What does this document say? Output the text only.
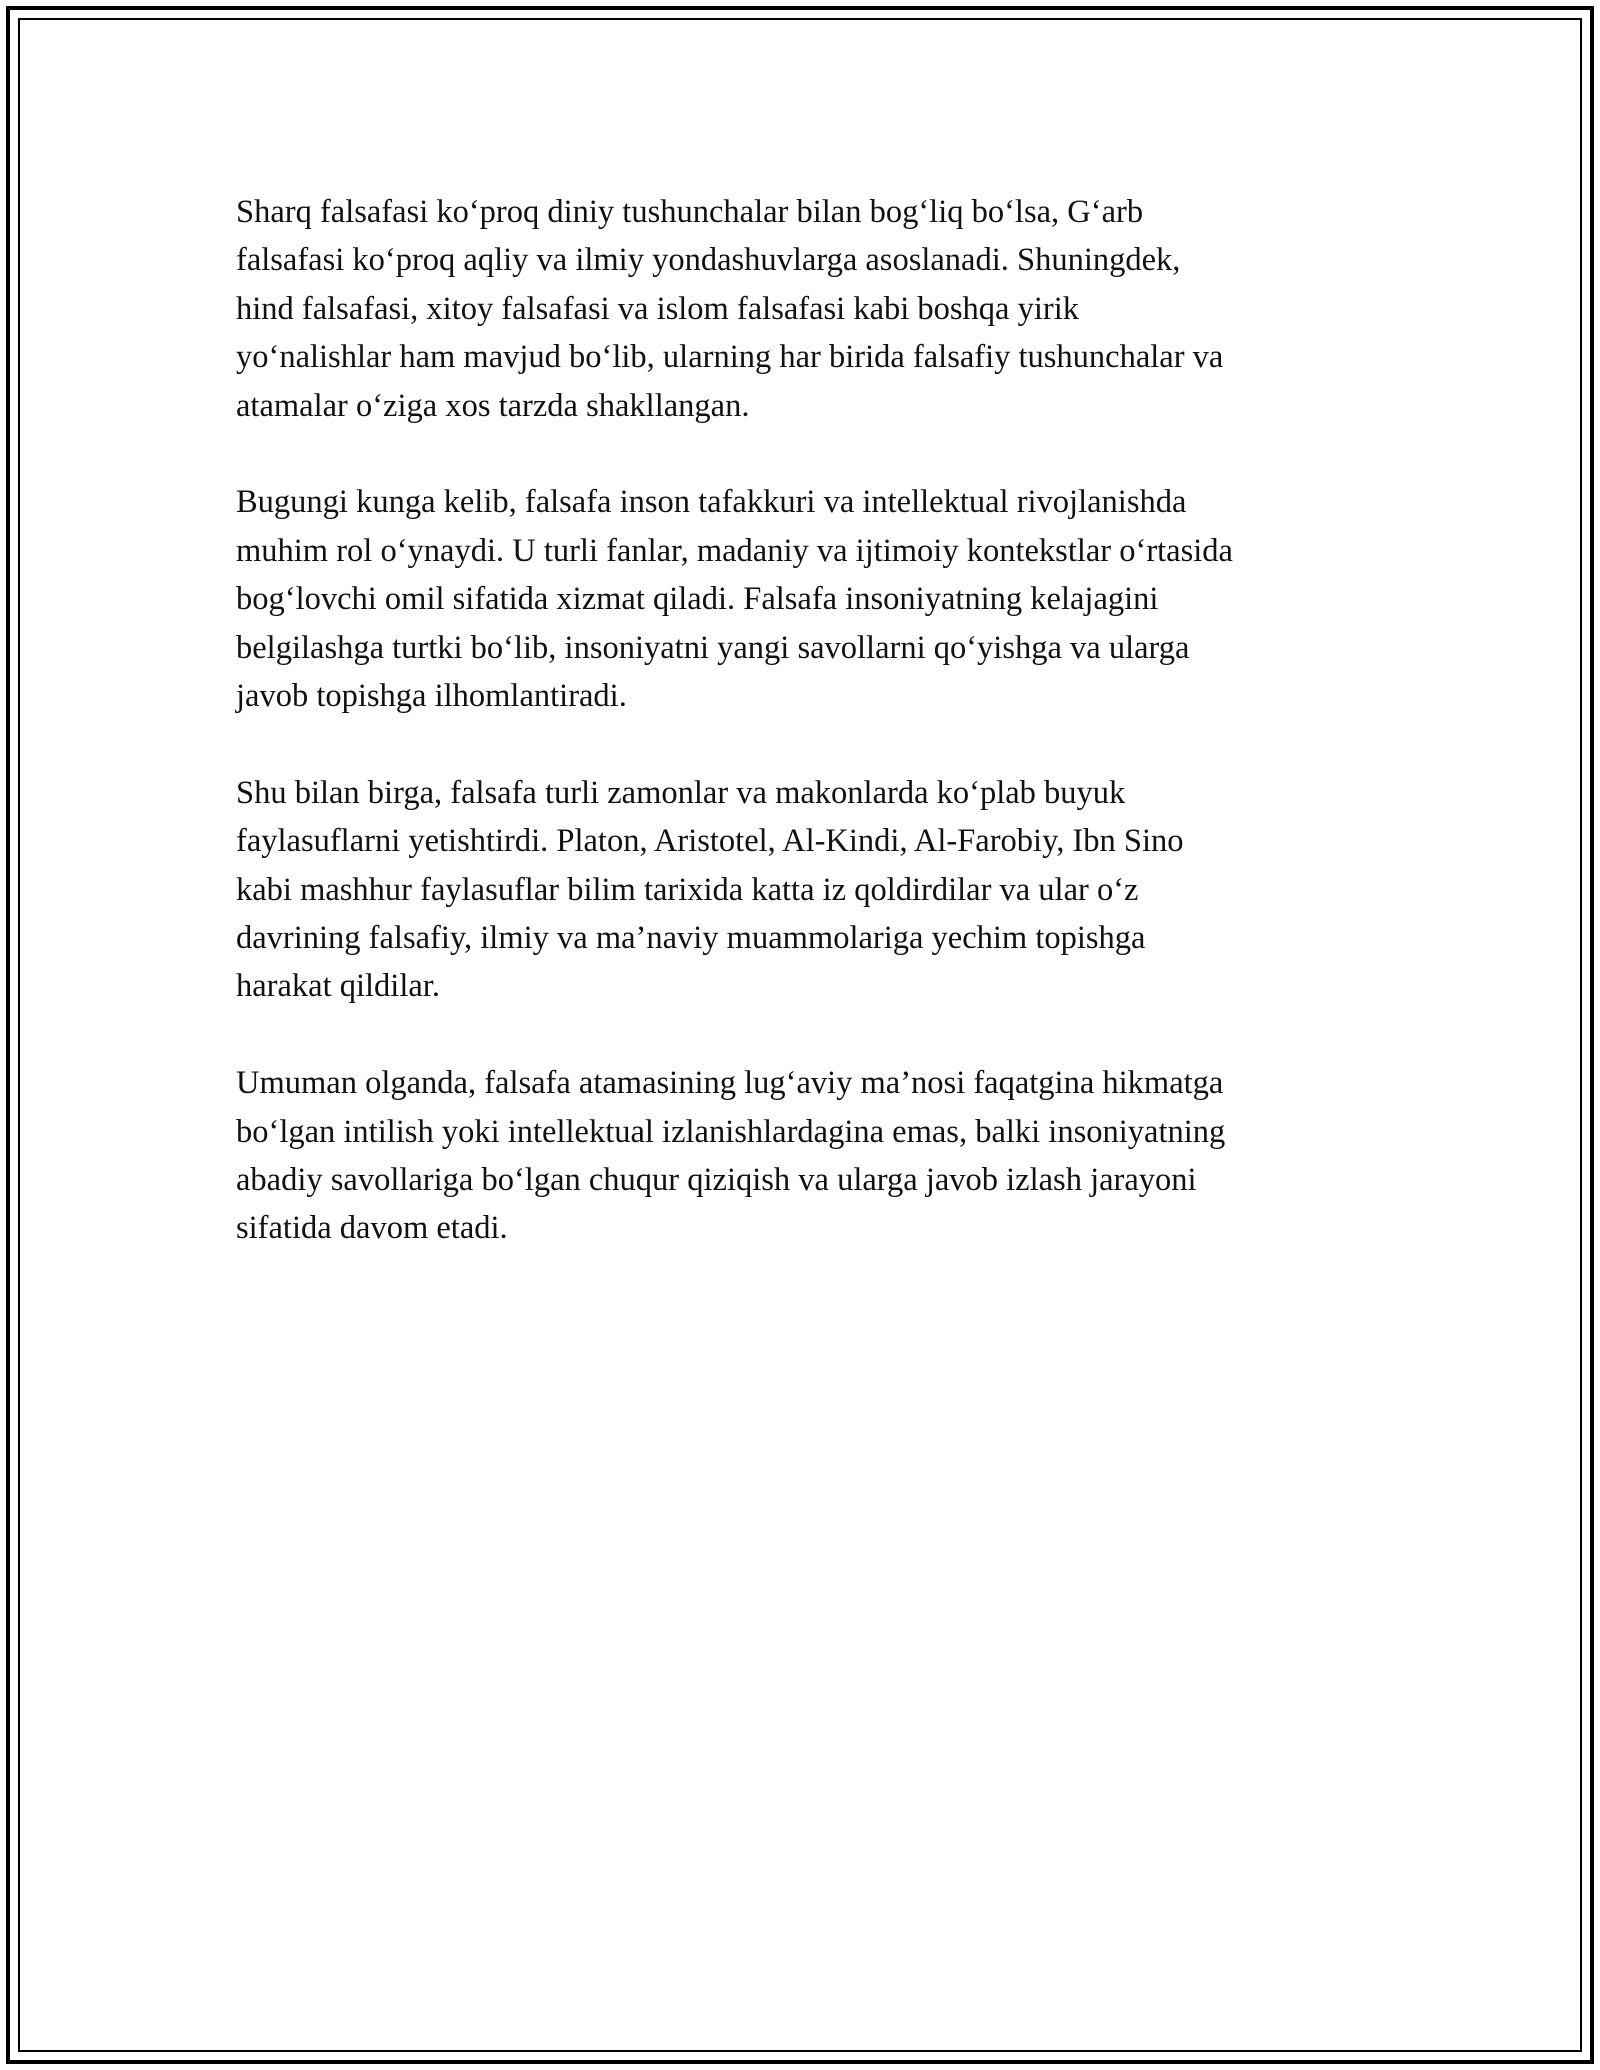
Sharq falsafasi ko‘proq diniy tushunchalar bilan bog‘liq bo‘lsa, G‘arb
falsafasi ko‘proq aqliy va ilmiy yondashuvlarga asoslanadi. Shuningdek,
hind falsafasi, xitoy falsafasi va islom falsafasi kabi boshqa yirik
yo‘nalishlar ham mavjud bo‘lib, ularning har birida falsafiy tushunchalar va
atamalar o‘ziga xos tarzda shakllangan.

Bugungi kunga kelib, falsafa inson tafakkuri va intellektual rivojlanishda
muhim rol o‘ynaydi. U turli fanlar, madaniy va ijtimoiy kontekstlar o‘rtasida
bog‘lovchi omil sifatida xizmat qiladi. Falsafa insoniyatning kelajagini
belgilashga turtki bo‘lib, insoniyatni yangi savollarni qo‘yishga va ularga
javob topishga ilhomlantiradi.

Shu bilan birga, falsafa turli zamonlar va makonlarda ko‘plab buyuk
faylasuflarni yetishtirdi. Platon, Aristotel, Al-Kindi, Al-Farobiy, Ibn Sino
kabi mashhur faylasuflar bilim tarixida katta iz qoldirdilar va ular o‘z
davrining falsafiy, ilmiy va ma’naviy muammolariga yechim topishga
harakat qildilar.

Umuman olganda, falsafa atamasining lug‘aviy ma’nosi faqatgina hikmatga
bo‘lgan intilish yoki intellektual izlanishlardagina emas, balki insoniyatning
abadiy savollariga bo‘lgan chuqur qiziqish va ularga javob izlash jarayoni
sifatida davom etadi.
